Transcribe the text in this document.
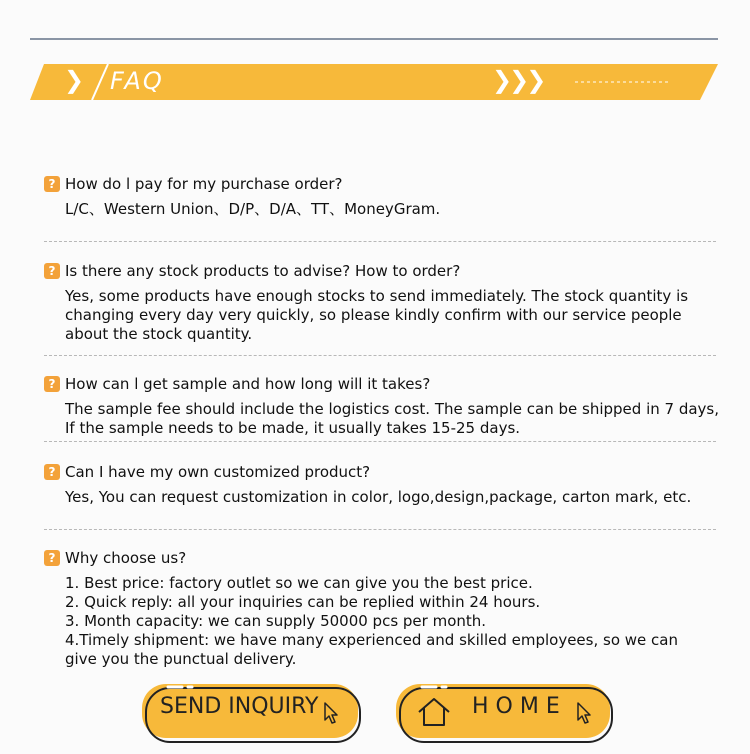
❯ FAQ	❯❯❯
? How do l pay for my purchase order?
L/C、Western Union、D/P、D/A、TT、MoneyGram.
? Is there any stock products to advise? How to order?
Yes, some products have enough stocks to send immediately. The stock quantity is
changing every day very quickly, so please kindly confirm with our service people
about the stock quantity.
? How can l get sample and how long will it takes?
The sample fee should include the logistics cost. The sample can be shipped in 7 days,
If the sample needs to be made, it usually takes 15-25 days.
? Can I have my own customized product?
Yes, You can request customization in color, logo,design,package, carton mark, etc.
? Why choose us?
1. Best price: factory outlet so we can give you the best price.
2. Quick reply: all your inquiries can be replied within 24 hours.
3. Month capacity: we can supply 50000 pcs per month.
4.Timely shipment: we have many experienced and skilled employees, so we can
give you the punctual delivery.
SEND INQUIRY	H O M E
